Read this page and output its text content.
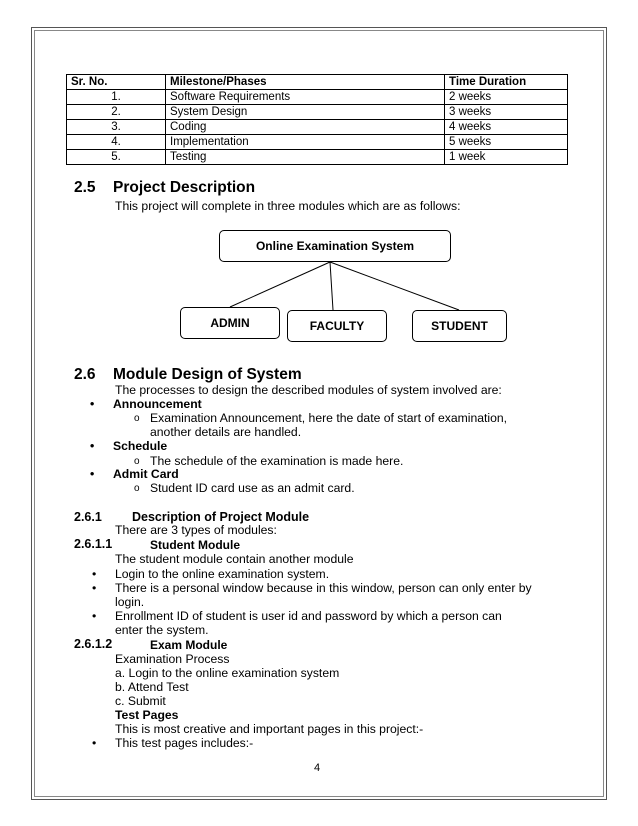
Sr. No.	Milestone/Phases	Time Duration
1.	Software Requirements	2 weeks
2.	System Design	3 weeks
3.	Coding	4 weeks
4.	Implementation	5 weeks
5.	Testing	1 week
2.5 Project Description
This project will complete in three modules which are as follows:
Online Examination System
ADMIN	FACULTY	STUDENT
2.6 Module Design of System
The processes to design the described modules of system involved are:
• Announcement
o Examination Announcement, here the date of start of examination,
another details are handled.
• Schedule
o The schedule of the examination is made here.
• Admit Card
o Student ID card use as an admit card.
2.6.1 Description of Project Module
There are 3 types of modules:
2.6.1.1	Student Module
The student module contain another module
• Login to the online examination system.
• There is a personal window because in this window, person can only enter by
login.
• Enrollment ID of student is user id and password by which a person can
enter the system.
2.6.1.2	Exam Module
Examination Process
a. Login to the online examination system
b. Attend Test
c. Submit
Test Pages
This is most creative and important pages in this project:-
• This test pages includes:-
4
